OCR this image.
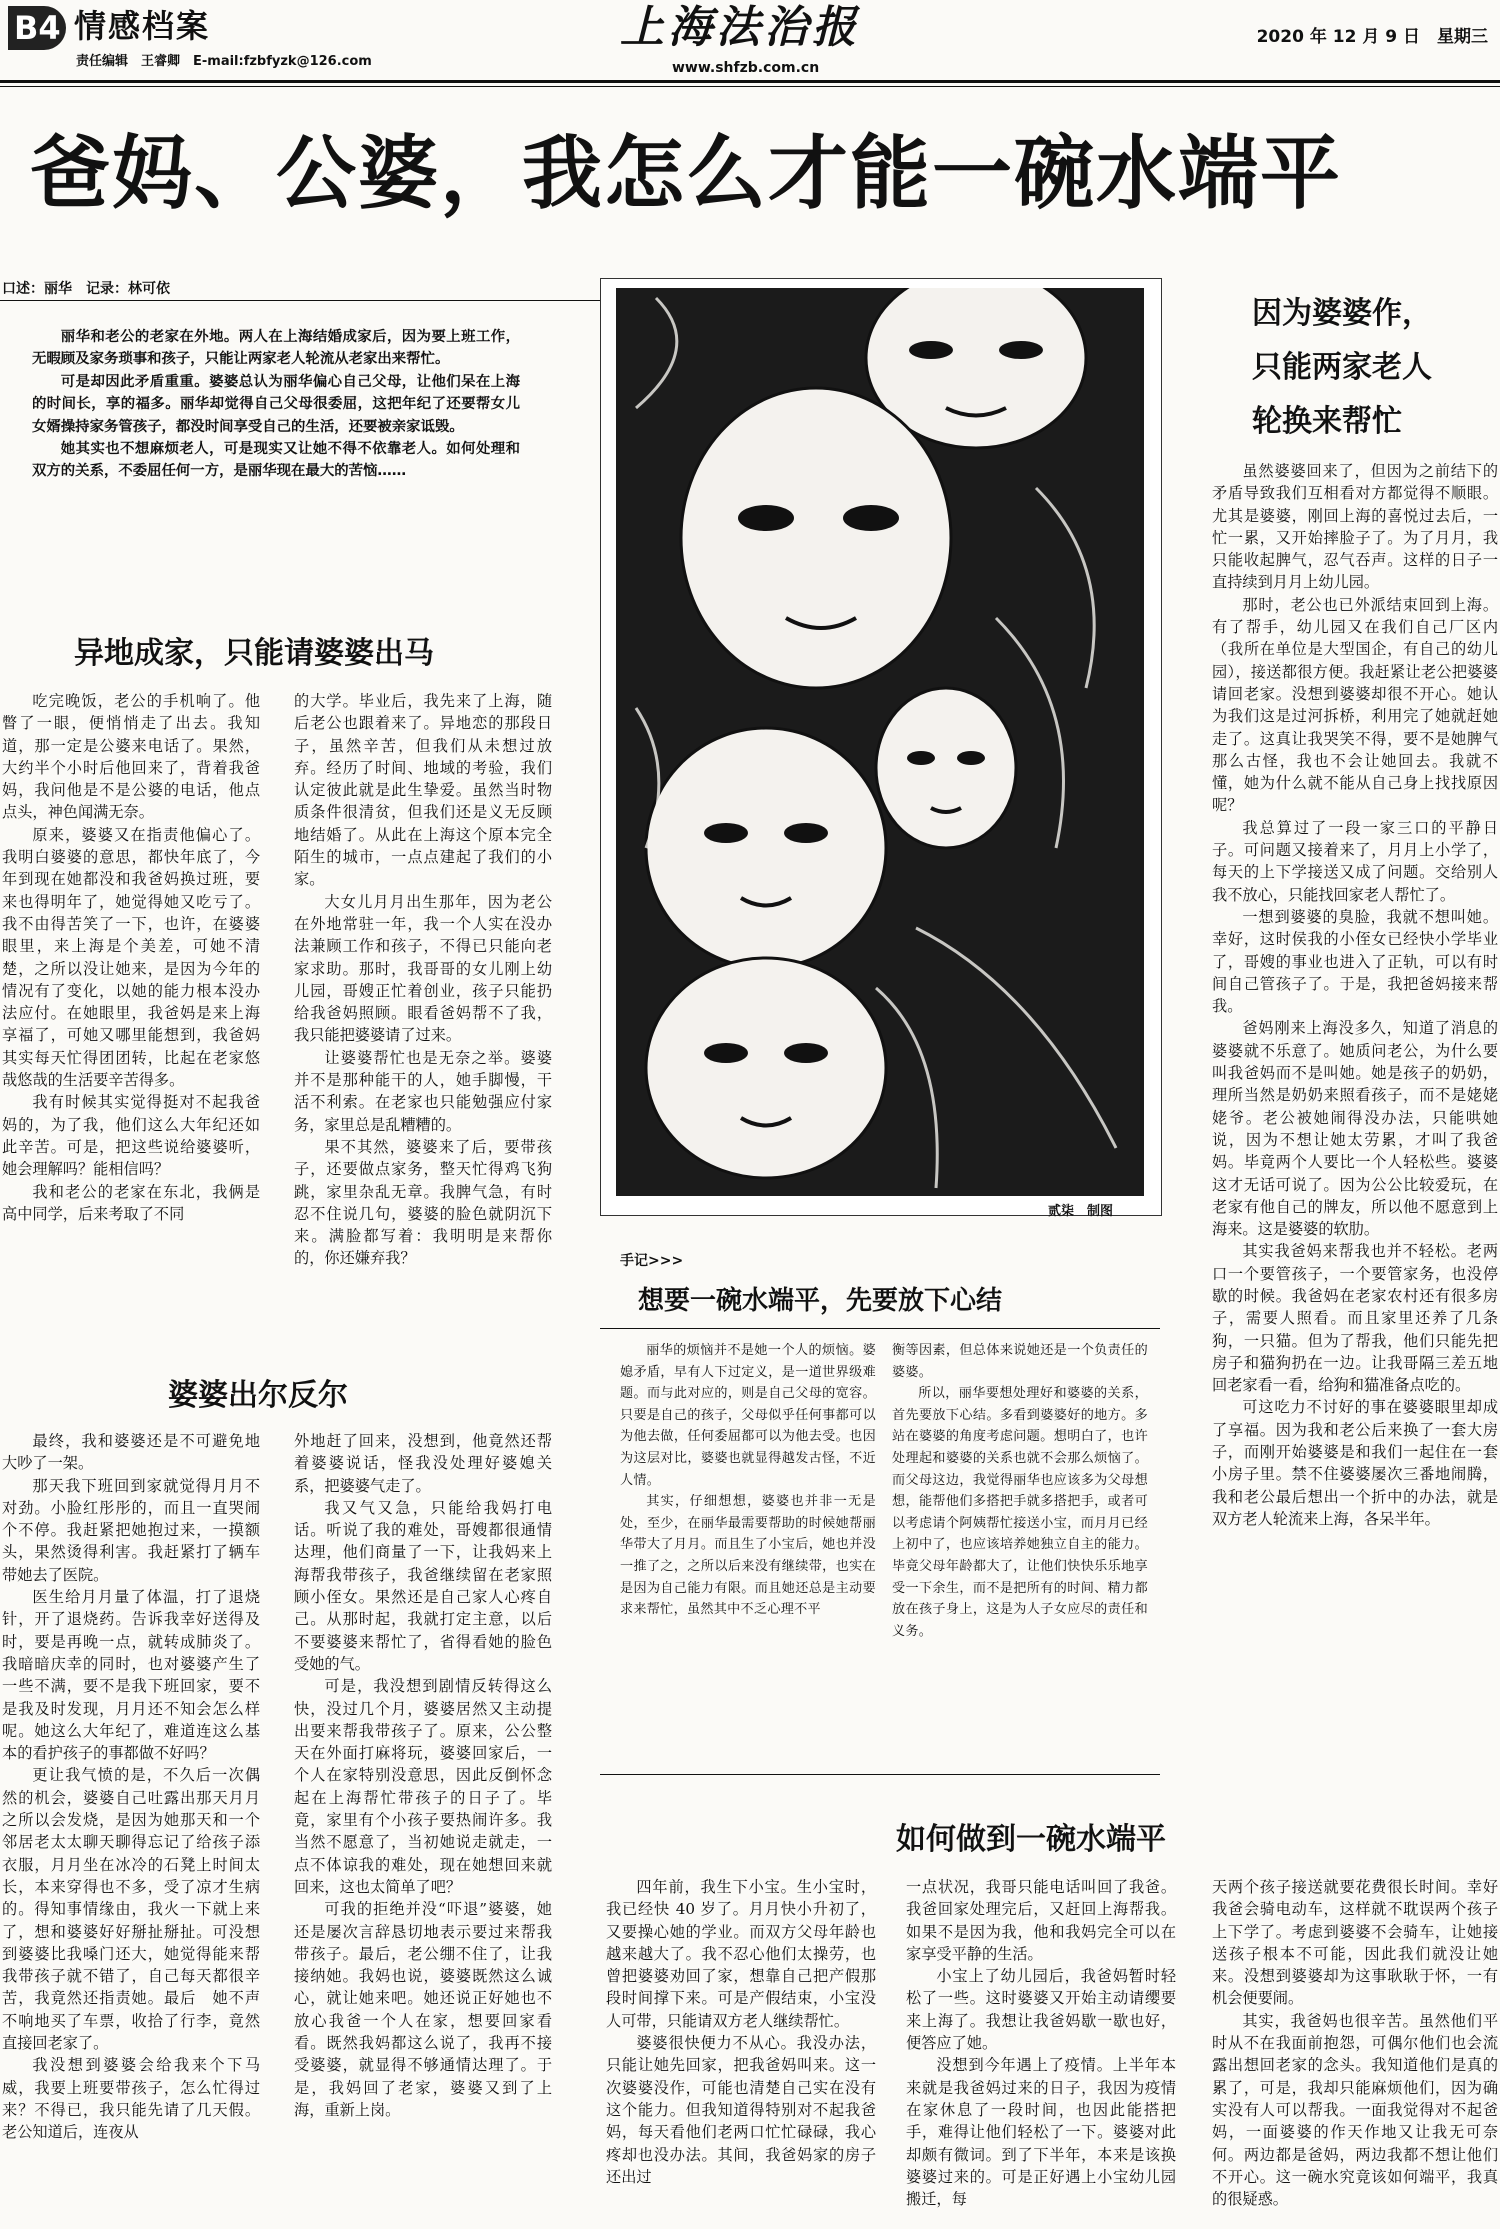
B4 情感档案
责任编辑　王睿卿　E-mail:fzbfyzk@126.com
上海法治报
www.shfzb.com.cn
2020 年 12 月 9 日　星期三
爸妈、公婆，我怎么才能一碗水端平
口述：丽华　记录：林可依

丽华和老公的老家在外地。两人在上海结婚成家后，因为要上班工作，无暇顾及家务琐事和孩子，只能让两家老人轮流从老家出来帮忙。

可是却因此矛盾重重。婆婆总认为丽华偏心自己父母，让他们呆在上海的时间长，享的福多。丽华却觉得自己父母很委屈，这把年纪了还要帮女儿女婿操持家务管孩子，都没时间享受自己的生活，还要被亲家诋毁。

她其实也不想麻烦老人，可是现实又让她不得不依靠老人。如何处理和双方的关系，不委屈任何一方，是丽华现在最大的苦恼……

异地成家，只能请婆婆出马

吃完晚饭，老公的手机响了。他瞥了一眼，便悄悄走了出去。我知道，那一定是公婆来电话了。果然，大约半个小时后他回来了，背着我爸妈，我问他是不是公婆的电话，他点点头，神色闻满无奈。

原来，婆婆又在指责他偏心了。我明白婆婆的意思，都快年底了，今年到现在她都没和我爸妈换过班，要来也得明年了，她觉得她又吃亏了。我不由得苦笑了一下，也许，在婆婆眼里，来上海是个美差，可她不清楚，之所以没让她来，是因为今年的情况有了变化，以她的能力根本没办法应付。在她眼里，我爸妈是来上海享福了，可她又哪里能想到，我爸妈其实每天忙得团团转，比起在老家悠哉悠哉的生活要辛苦得多。

我有时候其实觉得挺对不起我爸妈的，为了我，他们这么大年纪还如此辛苦。可是，把这些说给婆婆听，她会理解吗？能相信吗？

我和老公的老家在东北，我俩是高中同学，后来考取了不同

的大学。毕业后，我先来了上海，随后老公也跟着来了。异地恋的那段日子，虽然辛苦，但我们从未想过放弃。经历了时间、地域的考验，我们认定彼此就是此生挚爱。虽然当时物质条件很清贫，但我们还是义无反顾地结婚了。从此在上海这个原本完全陌生的城市，一点点建起了我们的小家。

大女儿月月出生那年，因为老公在外地常驻一年，我一个人实在没办法兼顾工作和孩子，不得已只能向老家求助。那时，我哥哥的女儿刚上幼儿园，哥嫂正忙着创业，孩子只能扔给我爸妈照顾。眼看爸妈帮不了我，我只能把婆婆请了过来。

让婆婆帮忙也是无奈之举。婆婆并不是那种能干的人，她手脚慢，干活不利索。在老家也只能勉强应付家务，家里总是乱糟糟的。

果不其然，婆婆来了后，要带孩子，还要做点家务，整天忙得鸡飞狗跳，家里杂乱无章。我脾气急，有时忍不住说几句，婆婆的脸色就阴沉下来。满脸都写着：我明明是来帮你的，你还嫌弃我？

婆婆出尔反尔

最终，我和婆婆还是不可避免地大吵了一架。

那天我下班回到家就觉得月月不对劲。小脸红彤彤的，而且一直哭闹个不停。我赶紧把她抱过来，一摸额头，果然烫得利害。我赶紧打了辆车带她去了医院。

医生给月月量了体温，打了退烧针，开了退烧药。告诉我幸好送得及时，要是再晚一点，就转成肺炎了。我暗暗庆幸的同时，也对婆婆产生了一些不满，要不是我下班回家，要不是我及时发现，月月还不知会怎么样呢。她这么大年纪了，难道连这么基本的看护孩子的事都做不好吗？

更让我气愤的是，不久后一次偶然的机会，婆婆自己吐露出那天月月之所以会发烧，是因为她那天和一个邻居老太太聊天聊得忘记了给孩子添衣服，月月坐在冰冷的石凳上时间太长，本来穿得也不多，受了凉才生病的。得知事情缘由，我火一下就上来了，想和婆婆好好掰扯掰扯。可没想到婆婆比我嗓门还大，她觉得能来帮我带孩子就不错了，自己每天都很辛苦，我竟然还指责她。最后　她不声不响地买了车票，收拾了行李，竟然直接回老家了。

我没想到婆婆会给我来个下马威，我要上班要带孩子，怎么忙得过来？不得已，我只能先请了几天假。老公知道后，连夜从

外地赶了回来，没想到，他竟然还帮着婆婆说话，怪我没处理好婆媳关系，把婆婆气走了。

我又气又急，只能给我妈打电话。听说了我的难处，哥嫂都很通情达理，他们商量了一下，让我妈来上海帮我带孩子，我爸继续留在老家照顾小侄女。果然还是自己家人心疼自己。从那时起，我就打定主意，以后不要婆婆来帮忙了，省得看她的脸色受她的气。

可是，我没想到剧情反转得这么快，没过几个月，婆婆居然又主动提出要来帮我带孩子了。原来，公公整天在外面打麻将玩，婆婆回家后，一个人在家特别没意思，因此反倒怀念起在上海帮忙带孩子的日子了。毕竟，家里有个小孩子要热闹许多。我当然不愿意了，当初她说走就走，一点不体谅我的难处，现在她想回来就回来，这也太简单了吧？

可我的拒绝并没“吓退”婆婆，她还是屡次言辞恳切地表示要过来帮我带孩子。最后，老公绷不住了，让我接纳她。我妈也说，婆婆既然这么诚心，就让她来吧。她还说正好她也不放心我爸一个人在家，想要回家看看。既然我妈都这么说了，我再不接受婆婆，就显得不够通情达理了。于是，我妈回了老家，婆婆又到了上海，重新上岗。

贰柒　制图
手记>>>
想要一碗水端平，先要放下心结

丽华的烦恼并不是她一个人的烦恼。婆媳矛盾，早有人下过定义，是一道世界级难题。而与此对应的，则是自己父母的宽容。只要是自己的孩子，父母似乎任何事都可以为他去做，任何委屈都可以为他去受。也因为这层对比，婆婆也就显得越发古怪，不近人情。

其实，仔细想想，婆婆也并非一无是处，至少，在丽华最需要帮助的时候她帮丽华带大了月月。而且生了小宝后，她也并没一推了之，之所以后来没有继续带，也实在是因为自己能力有限。而且她还总是主动要求来帮忙，虽然其中不乏心理不平

衡等因素，但总体来说她还是一个负责任的婆婆。

所以，丽华要想处理好和婆婆的关系，首先要放下心结。多看到婆婆好的地方。多站在婆婆的角度考虑问题。想明白了，也许处理起和婆婆的关系也就不会那么烦恼了。而父母这边，我觉得丽华也应该多为父母想想，能帮他们多搭把手就多搭把手，或者可以考虑请个阿姨帮忙接送小宝，而月月已经上初中了，也应该培养她独立自主的能力。毕竟父母年龄都大了，让他们快快乐乐地享受一下余生，而不是把所有的时间、精力都放在孩子身上，这是为人子女应尽的责任和义务。

因为婆婆作，
只能两家老人
轮换来帮忙

虽然婆婆回来了，但因为之前结下的矛盾导致我们互相看对方都觉得不顺眼。尤其是婆婆，刚回上海的喜悦过去后，一忙一累，又开始摔脸子了。为了月月，我只能收起脾气，忍气吞声。这样的日子一直持续到月月上幼儿园。

那时，老公也已外派结束回到上海。有了帮手，幼儿园又在我们自己厂区内（我所在单位是大型国企，有自己的幼儿园），接送都很方便。我赶紧让老公把婆婆请回老家。没想到婆婆却很不开心。她认为我们这是过河拆桥，利用完了她就赶她走了。这真让我哭笑不得，要不是她脾气那么古怪，我也不会让她回去。我就不懂，她为什么就不能从自己身上找找原因呢？

我总算过了一段一家三口的平静日子。可问题又接着来了，月月上小学了，每天的上下学接送又成了问题。交给别人我不放心，只能找回家老人帮忙了。

一想到婆婆的臭脸，我就不想叫她。幸好，这时侯我的小侄女已经快小学毕业了，哥嫂的事业也进入了正轨，可以有时间自己管孩子了。于是，我把爸妈接来帮我。

爸妈刚来上海没多久，知道了消息的婆婆就不乐意了。她质问老公，为什么要叫我爸妈而不是叫她。她是孩子的奶奶，理所当然是奶奶来照看孩子，而不是姥姥姥爷。老公被她闹得没办法，只能哄她说，因为不想让她太劳累，才叫了我爸妈。毕竟两个人要比一个人轻松些。婆婆这才无话可说了。因为公公比较爱玩，在老家有他自己的牌友，所以他不愿意到上海来。这是婆婆的软肋。

其实我爸妈来帮我也并不轻松。老两口一个要管孩子，一个要管家务，也没停歇的时候。我爸妈在老家农村还有很多房子，需要人照看。而且家里还养了几条狗，一只猫。但为了帮我，他们只能先把房子和猫狗扔在一边。让我哥隔三差五地回老家看一看，给狗和猫准备点吃的。

可这吃力不讨好的事在婆婆眼里却成了享福。因为我和老公后来换了一套大房子，而刚开始婆婆是和我们一起住在一套小房子里。禁不住婆婆屡次三番地闹腾，我和老公最后想出一个折中的办法，就是双方老人轮流来上海，各呆半年。

如何做到一碗水端平

四年前，我生下小宝。生小宝时，我已经快 40 岁了。月月快小升初了，又要操心她的学业。而双方父母年龄也越来越大了。我不忍心他们太操劳，也曾把婆婆劝回了家，想靠自己把产假那段时间撑下来。可是产假结束，小宝没人可带，只能请双方老人继续帮忙。

婆婆很快便力不从心。我没办法，只能让她先回家，把我爸妈叫来。这一次婆婆没作，可能也清楚自己实在没有这个能力。但我知道得特别对不起我爸妈，每天看他们老两口忙忙碌碌，我心疼却也没办法。其间，我爸妈家的房子还出过

一点状况，我哥只能电话叫回了我爸。我爸回家处理完后，又赶回上海帮我。如果不是因为我，他和我妈完全可以在家享受平静的生活。

小宝上了幼儿园后，我爸妈暂时轻松了一些。这时婆婆又开始主动请缨要来上海了。我想让我爸妈歇一歇也好，便答应了她。

没想到今年遇上了疫情。上半年本来就是我爸妈过来的日子，我因为疫情在家休息了一段时间，也因此能搭把手，难得让他们轻松了一下。婆婆对此却颇有微词。到了下半年，本来是该换婆婆过来的。可是正好遇上小宝幼儿园搬迁，每

天两个孩子接送就要花费很长时间。幸好我爸会骑电动车，这样就不耽误两个孩子上下学了。考虑到婆婆不会骑车，让她接送孩子根本不可能，因此我们就没让她来。没想到婆婆却为这事耿耿于怀，一有机会便要闹。

其实，我爸妈也很辛苦。虽然他们平时从不在我面前抱怨，可偶尔他们也会流露出想回老家的念头。我知道他们是真的累了，可是，我却只能麻烦他们，因为确实没有人可以帮我。一面我觉得对不起爸妈，一面婆婆的作天作地又让我无可奈何。两边都是爸妈，两边我都不想让他们不开心。这一碗水究竟该如何端平，我真的很疑惑。
